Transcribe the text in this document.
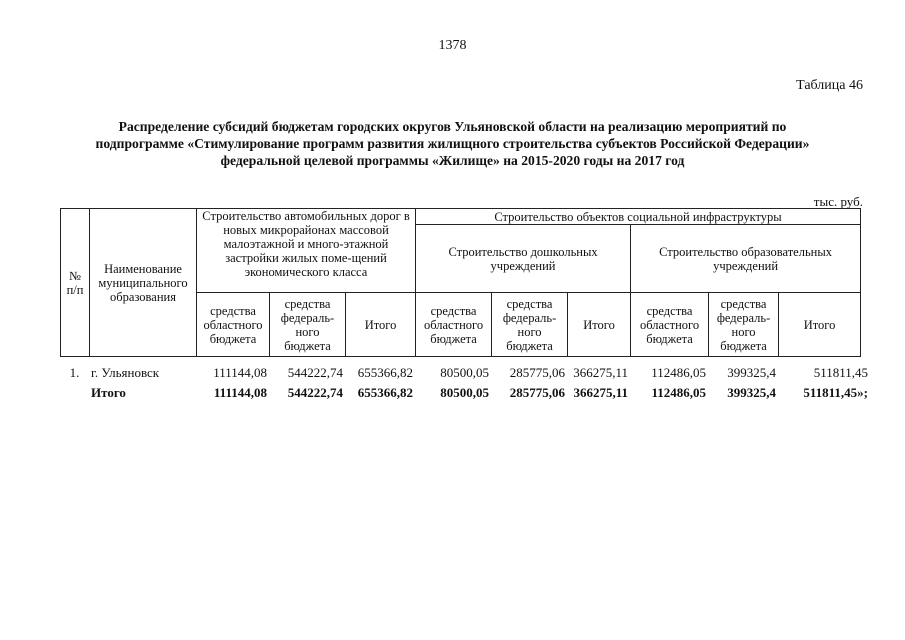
1378
Таблица 46
Распределение субсидий бюджетам городских округов Ульяновской области на реализацию мероприятий по
подпрограмме «Стимулирование программ развития жилищного строительства субъектов Российской Федерации»
федеральной целевой программы «Жилище» на 2015-2020 годы на 2017 год
тыс. руб.
№ п/п	Наименование муниципального образования	Строительство автомобильных дорог в новых микрорайонах массовой малоэтажной и много-этажной застройки жилых поме-щений экономического класса			Строительство объектов социальной инфраструктуры					
					Строительство дошкольных учреждений			Строительство образовательных учреждений		
		средства областного бюджета	средства федераль-ного бюджета	Итого	средства областного бюджета	средства федераль-ного бюджета	Итого	средства областного бюджета	средства федераль-ного бюджета	Итого
1.	г. Ульяновск	111144,08	544222,74	655366,82	80500,05	285775,06	366275,11	112486,05	399325,4	511811,45
	Итого	111144,08	544222,74	655366,82	80500,05	285775,06	366275,11	112486,05	399325,4	511811,45»;
